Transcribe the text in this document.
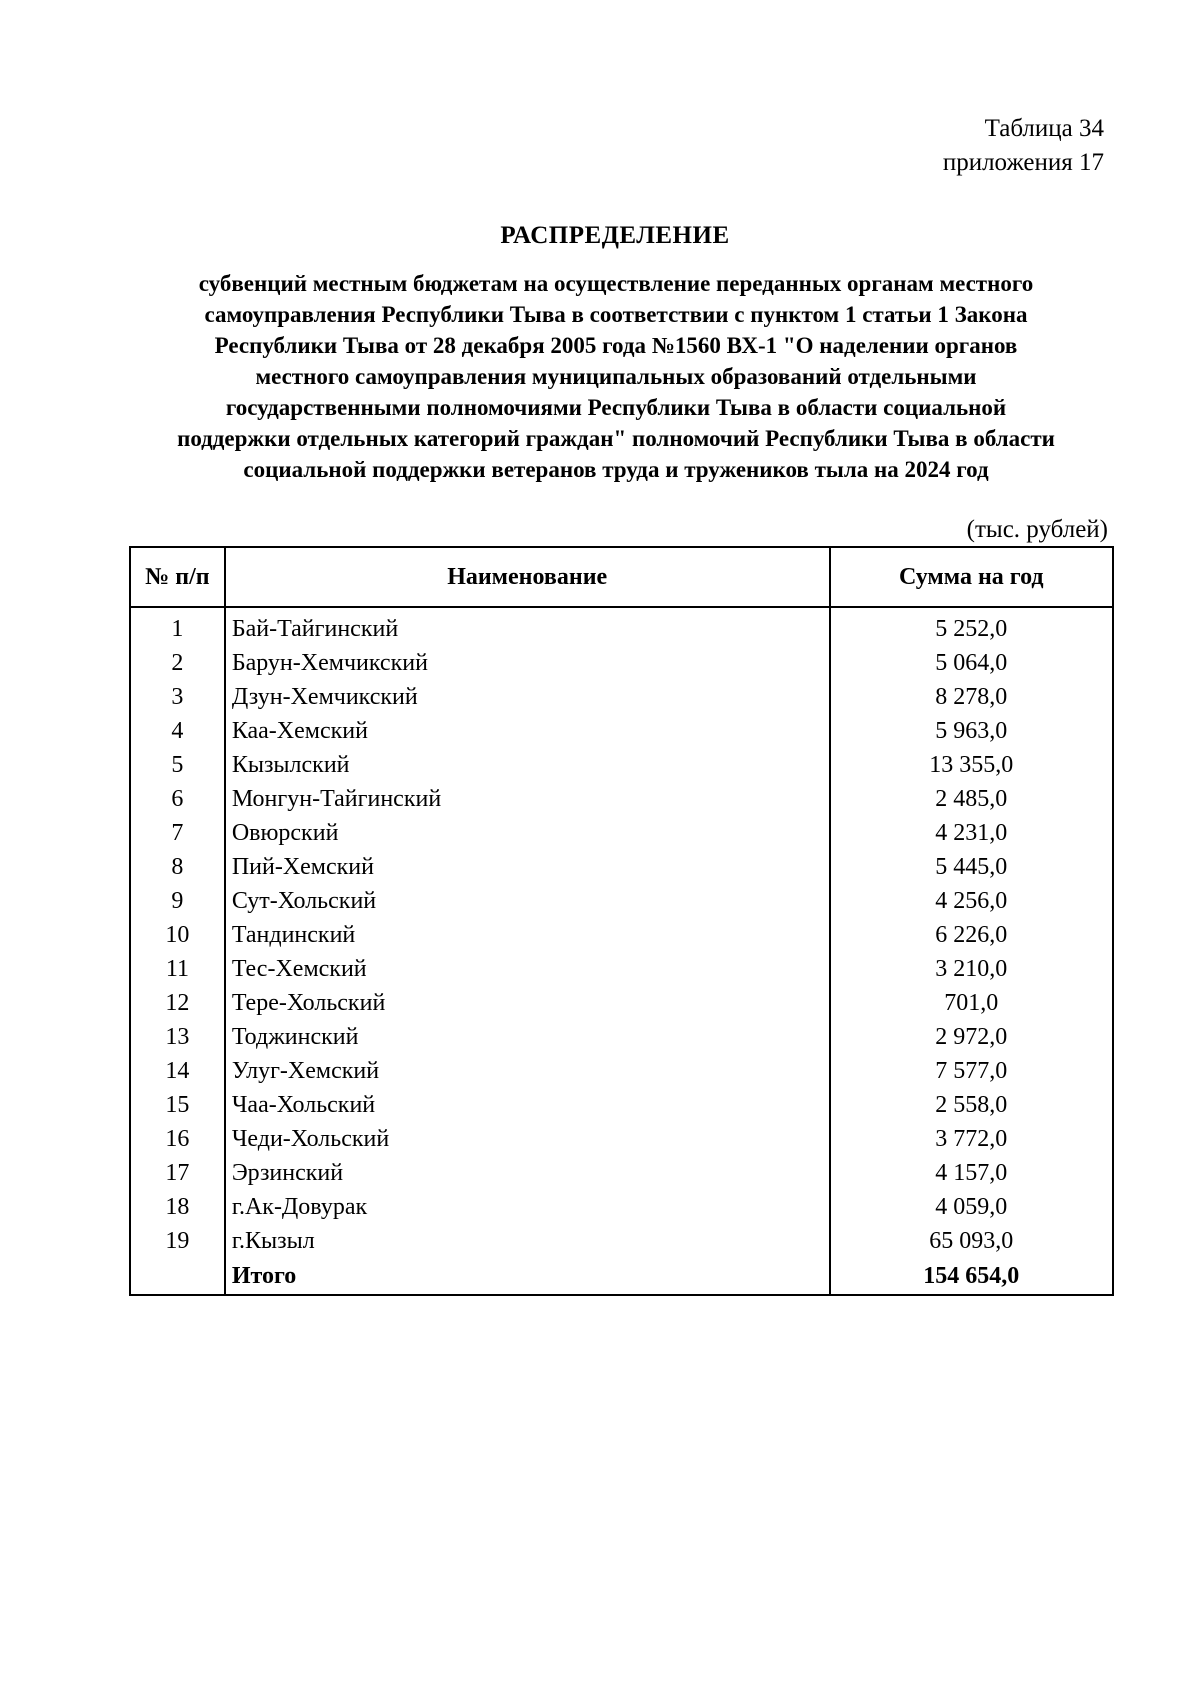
Таблица 34
приложения 17
РАСПРЕДЕЛЕНИЕ
субвенций местным бюджетам на осуществление переданных органам местного
самоуправления Республики Тыва в соответствии с пунктом 1 статьи 1 Закона
Республики Тыва от 28 декабря 2005 года №1560 ВХ-1 "О наделении органов
местного самоуправления муниципальных образований отдельными
государственными полномочиями Республики Тыва в области социальной
поддержки отдельных категорий граждан" полномочий Республики Тыва в области
социальной поддержки ветеранов труда и тружеников тыла на 2024 год
(тыс. рублей)
№ п/п	Наименование	Сумма на год
1	Бай-Тайгинский	5 252,0
2	Барун-Хемчикский	5 064,0
3	Дзун-Хемчикский	8 278,0
4	Каа-Хемский	5 963,0
5	Кызылский	13 355,0
6	Монгун-Тайгинский	2 485,0
7	Овюрский	4 231,0
8	Пий-Хемский	5 445,0
9	Сут-Хольский	4 256,0
10	Тандинский	6 226,0
11	Тес-Хемский	3 210,0
12	Тере-Хольский	701,0
13	Тоджинский	2 972,0
14	Улуг-Хемский	7 577,0
15	Чаа-Хольский	2 558,0
16	Чеди-Хольский	3 772,0
17	Эрзинский	4 157,0
18	г.Ак-Довурак	4 059,0
19	г.Кызыл	65 093,0
	Итого	154 654,0
